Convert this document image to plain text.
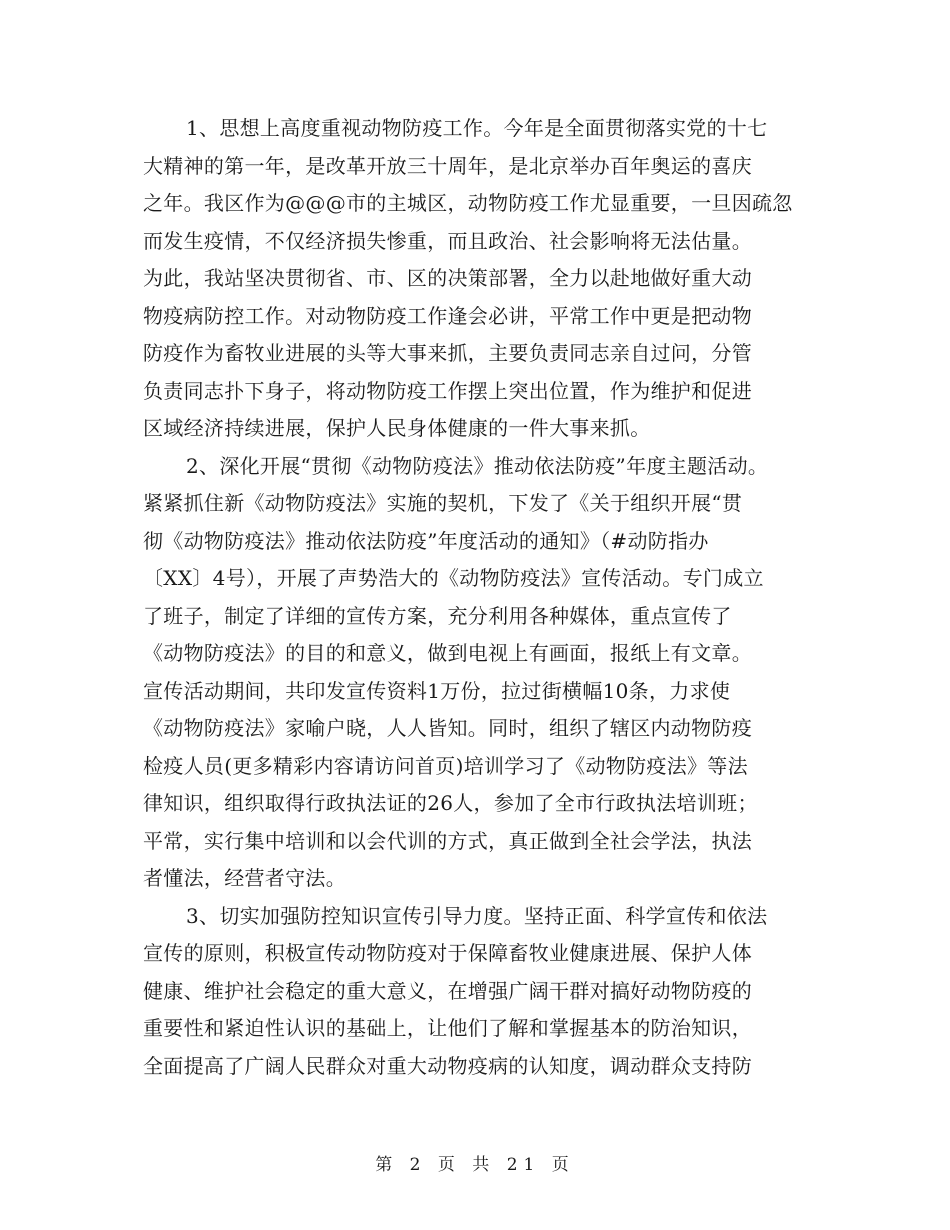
1、思想上高度重视动物防疫工作。今年是全面贯彻落实党的十七
大精神的第一年，是改革开放三十周年，是北京举办百年奥运的喜庆
之年。我区作为@@@市的主城区，动物防疫工作尤显重要，一旦因疏忽
而发生疫情，不仅经济损失惨重，而且政治、社会影响将无法估量。
为此，我站坚决贯彻省、市、区的决策部署，全力以赴地做好重大动
物疫病防控工作。对动物防疫工作逢会必讲，平常工作中更是把动物
防疫作为畜牧业进展的头等大事来抓，主要负责同志亲自过问，分管
负责同志扑下身子，将动物防疫工作摆上突出位置，作为维护和促进
区域经济持续进展，保护人民身体健康的一件大事来抓。
2、深化开展“贯彻《动物防疫法》推动依法防疫”年度主题活动。
紧紧抓住新《动物防疫法》实施的契机，下发了《关于组织开展“贯
彻《动物防疫法》推动依法防疫”年度活动的通知》（#动防指办
〔XX〕4号），开展了声势浩大的《动物防疫法》宣传活动。专门成立
了班子，制定了详细的宣传方案，充分利用各种媒体，重点宣传了
《动物防疫法》的目的和意义，做到电视上有画面，报纸上有文章。
宣传活动期间，共印发宣传资料1万份，拉过街横幅10条，力求使
《动物防疫法》家喻户晓，人人皆知。同时，组织了辖区内动物防疫
检疫人员(更多精彩内容请访问首页)培训学习了《动物防疫法》等法
律知识，组织取得行政执法证的26人，参加了全市行政执法培训班；
平常，实行集中培训和以会代训的方式，真正做到全社会学法，执法
者懂法，经营者守法。
3、切实加强防控知识宣传引导力度。坚持正面、科学宣传和依法
宣传的原则，积极宣传动物防疫对于保障畜牧业健康进展、保护人体
健康、维护社会稳定的重大意义，在增强广阔干群对搞好动物防疫的
重要性和紧迫性认识的基础上，让他们了解和掌握基本的防治知识，
全面提高了广阔人民群众对重大动物疫病的认知度，调动群众支持防
第 2 页 共 21 页
